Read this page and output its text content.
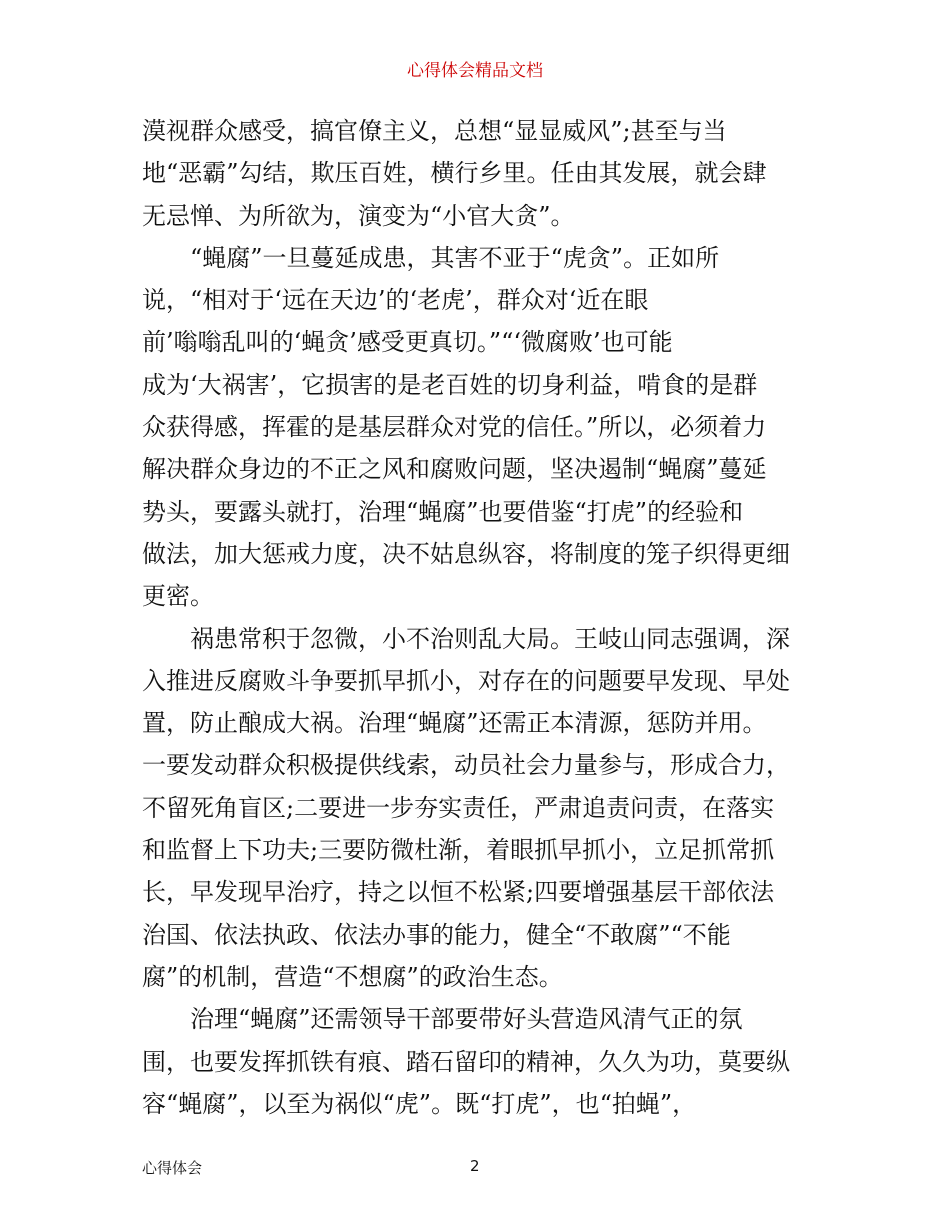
心得体会精品文档
漠视群众感受，搞官僚主义，总想“显显威风”;甚至与当
地“恶霸”勾结，欺压百姓，横行乡里。任由其发展，就会肆
无忌惮、为所欲为，演变为“小官大贪”。
“蝇腐”一旦蔓延成患，其害不亚于“虎贪”。正如所
说，“相对于‘远在天边’的‘老虎’，群众对‘近在眼
前’嗡嗡乱叫的‘蝇贪’感受更真切。”“‘微腐败’也可能
成为‘大祸害’，它损害的是老百姓的切身利益，啃食的是群
众获得感，挥霍的是基层群众对党的信任。”所以，必须着力
解决群众身边的不正之风和腐败问题，坚决遏制“蝇腐”蔓延
势头，要露头就打，治理“蝇腐”也要借鉴“打虎”的经验和
做法，加大惩戒力度，决不姑息纵容，将制度的笼子织得更细
更密。
祸患常积于忽微，小不治则乱大局。王岐山同志强调，深
入推进反腐败斗争要抓早抓小，对存在的问题要早发现、早处
置，防止酿成大祸。治理“蝇腐”还需正本清源，惩防并用。
一要发动群众积极提供线索，动员社会力量参与，形成合力，
不留死角盲区;二要进一步夯实责任，严肃追责问责，在落实
和监督上下功夫;三要防微杜渐，着眼抓早抓小，立足抓常抓
长，早发现早治疗，持之以恒不松紧;四要增强基层干部依法
治国、依法执政、依法办事的能力，健全“不敢腐”“不能
腐”的机制，营造“不想腐”的政治生态。
治理“蝇腐”还需领导干部要带好头营造风清气正的氛
围，也要发挥抓铁有痕、踏石留印的精神，久久为功，莫要纵
容“蝇腐”，以至为祸似“虎”。既“打虎”，也“拍蝇”，
心得体会	2
